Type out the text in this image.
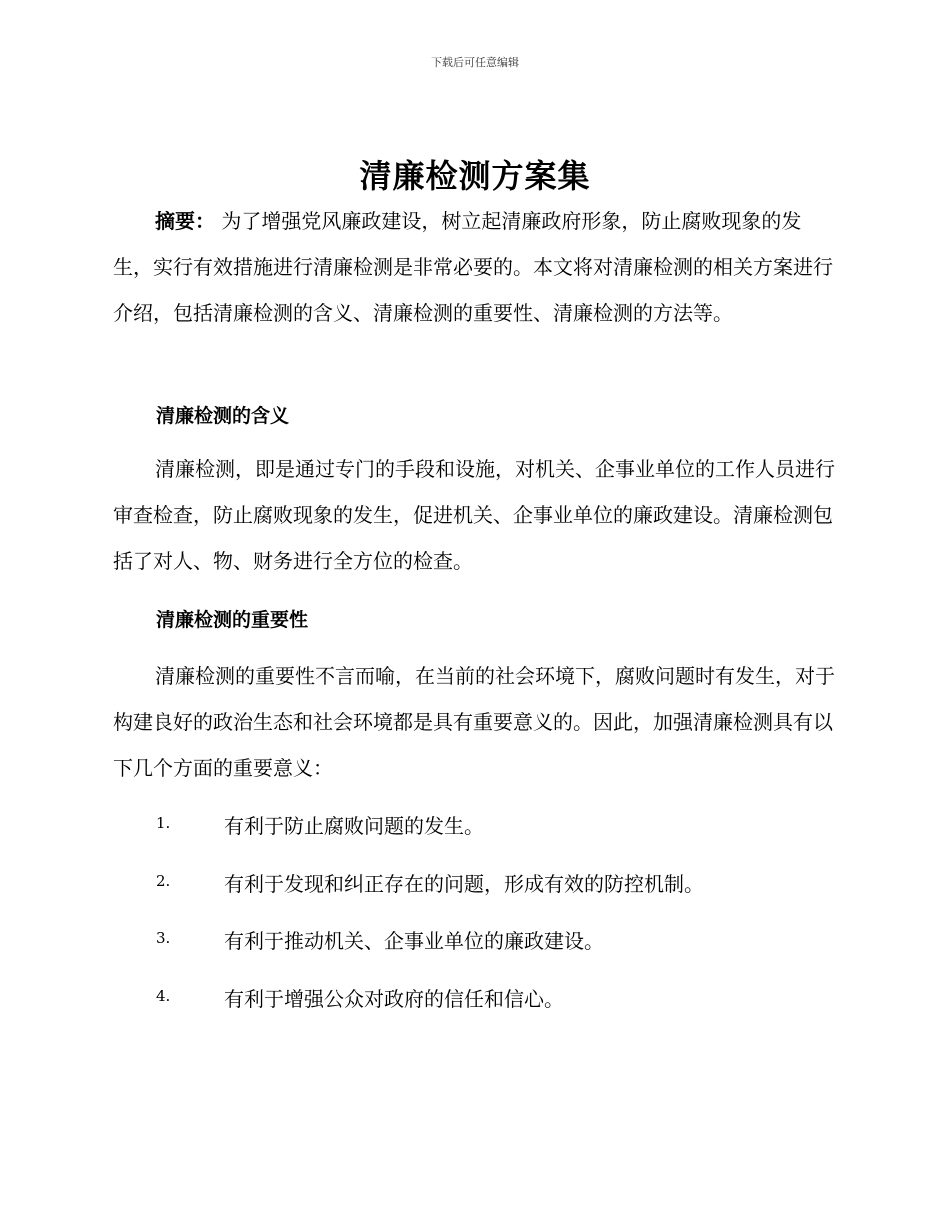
下载后可任意编辑
清廉检测方案集

摘要： 为了增强党风廉政建设，树立起清廉政府形象，防止腐败现象的发生，实行有效措施进行清廉检测是非常必要的。本文将对清廉检测的相关方案进行介绍，包括清廉检测的含义、清廉检测的重要性、清廉检测的方法等。

清廉检测的含义

清廉检测，即是通过专门的手段和设施，对机关、企事业单位的工作人员进行审查检查，防止腐败现象的发生，促进机关、企事业单位的廉政建设。清廉检测包括了对人、物、财务进行全方位的检查。

清廉检测的重要性

清廉检测的重要性不言而喻，在当前的社会环境下，腐败问题时有发生，对于构建良好的政治生态和社会环境都是具有重要意义的。因此，加强清廉检测具有以下几个方面的重要意义：

1.	有利于防止腐败问题的发生。
2.	有利于发现和纠正存在的问题，形成有效的防控机制。
3.	有利于推动机关、企事业单位的廉政建设。
4.	有利于增强公众对政府的信任和信心。
